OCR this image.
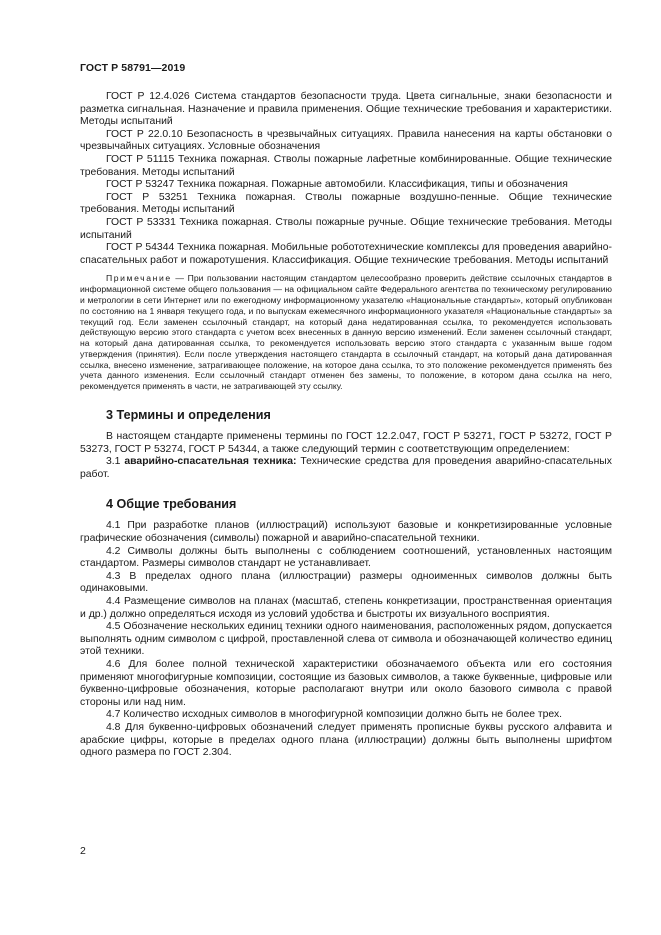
ГОСТ Р 58791—2019

ГОСТ Р 12.4.026 Система стандартов безопасности труда. Цвета сигнальные, знаки безопасности и разметка сигнальная. Назначение и правила применения. Общие технические требования и характеристики. Методы испытаний

ГОСТ Р 22.0.10 Безопасность в чрезвычайных ситуациях. Правила нанесения на карты обстановки о чрезвычайных ситуациях. Условные обозначения

ГОСТ Р 51115 Техника пожарная. Стволы пожарные лафетные комбинированные. Общие технические требования. Методы испытаний

ГОСТ Р 53247 Техника пожарная. Пожарные автомобили. Классификация, типы и обозначения

ГОСТ Р 53251 Техника пожарная. Стволы пожарные воздушно-пенные. Общие технические требования. Методы испытаний

ГОСТ Р 53331 Техника пожарная. Стволы пожарные ручные. Общие технические требования. Методы испытаний

ГОСТ Р 54344 Техника пожарная. Мобильные робототехнические комплексы для проведения аварийно-спасательных работ и пожаротушения. Классификация. Общие технические требования. Методы испытаний

Примечание — При пользовании настоящим стандартом целесообразно проверить действие ссылочных стандартов в информационной системе общего пользования — на официальном сайте Федерального агентства по техническому регулированию и метрологии в сети Интернет или по ежегодному информационному указателю «Национальные стандарты», который опубликован по состоянию на 1 января текущего года, и по выпускам ежемесячного информационного указателя «Национальные стандарты» за текущий год. Если заменен ссылочный стандарт, на который дана недатированная ссылка, то рекомендуется использовать действующую версию этого стандарта с учетом всех внесенных в данную версию изменений. Если заменен ссылочный стандарт, на который дана датированная ссылка, то рекомендуется использовать версию этого стандарта с указанным выше годом утверждения (принятия). Если после утверждения настоящего стандарта в ссылочный стандарт, на который дана датированная ссылка, внесено изменение, затрагивающее положение, на которое дана ссылка, то это положение рекомендуется применять без учета данного изменения. Если ссылочный стандарт отменен без замены, то положение, в котором дана ссылка на него, рекомендуется применять в части, не затрагивающей эту ссылку.

3 Термины и определения

В настоящем стандарте применены термины по ГОСТ 12.2.047, ГОСТ Р 53271, ГОСТ Р 53272, ГОСТ Р 53273, ГОСТ Р 53274, ГОСТ Р 54344, а также следующий термин с соответствующим определением:

3.1 аварийно-спасательная техника: Технические средства для проведения аварийно-спасательных работ.

4 Общие требования

4.1 При разработке планов (иллюстраций) используют базовые и конкретизированные условные графические обозначения (символы) пожарной и аварийно-спасательной техники.

4.2 Символы должны быть выполнены с соблюдением соотношений, установленных настоящим стандартом. Размеры символов стандарт не устанавливает.

4.3 В пределах одного плана (иллюстрации) размеры одноименных символов должны быть одинаковыми.

4.4 Размещение символов на планах (масштаб, степень конкретизации, пространственная ориентация и др.) должно определяться исходя из условий удобства и быстроты их визуального восприятия.

4.5 Обозначение нескольких единиц техники одного наименования, расположенных рядом, допускается выполнять одним символом с цифрой, проставленной слева от символа и обозначающей количество единиц этой техники.

4.6 Для более полной технической характеристики обозначаемого объекта или его состояния применяют многофигурные композиции, состоящие из базовых символов, а также буквенные, цифровые или буквенно-цифровые обозначения, которые располагают внутри или около базового символа с правой стороны или над ним.

4.7 Количество исходных символов в многофигурной композиции должно быть не более трех.

4.8 Для буквенно-цифровых обозначений следует применять прописные буквы русского алфавита и арабские цифры, которые в пределах одного плана (иллюстрации) должны быть выполнены шрифтом одного размера по ГОСТ 2.304.

2
